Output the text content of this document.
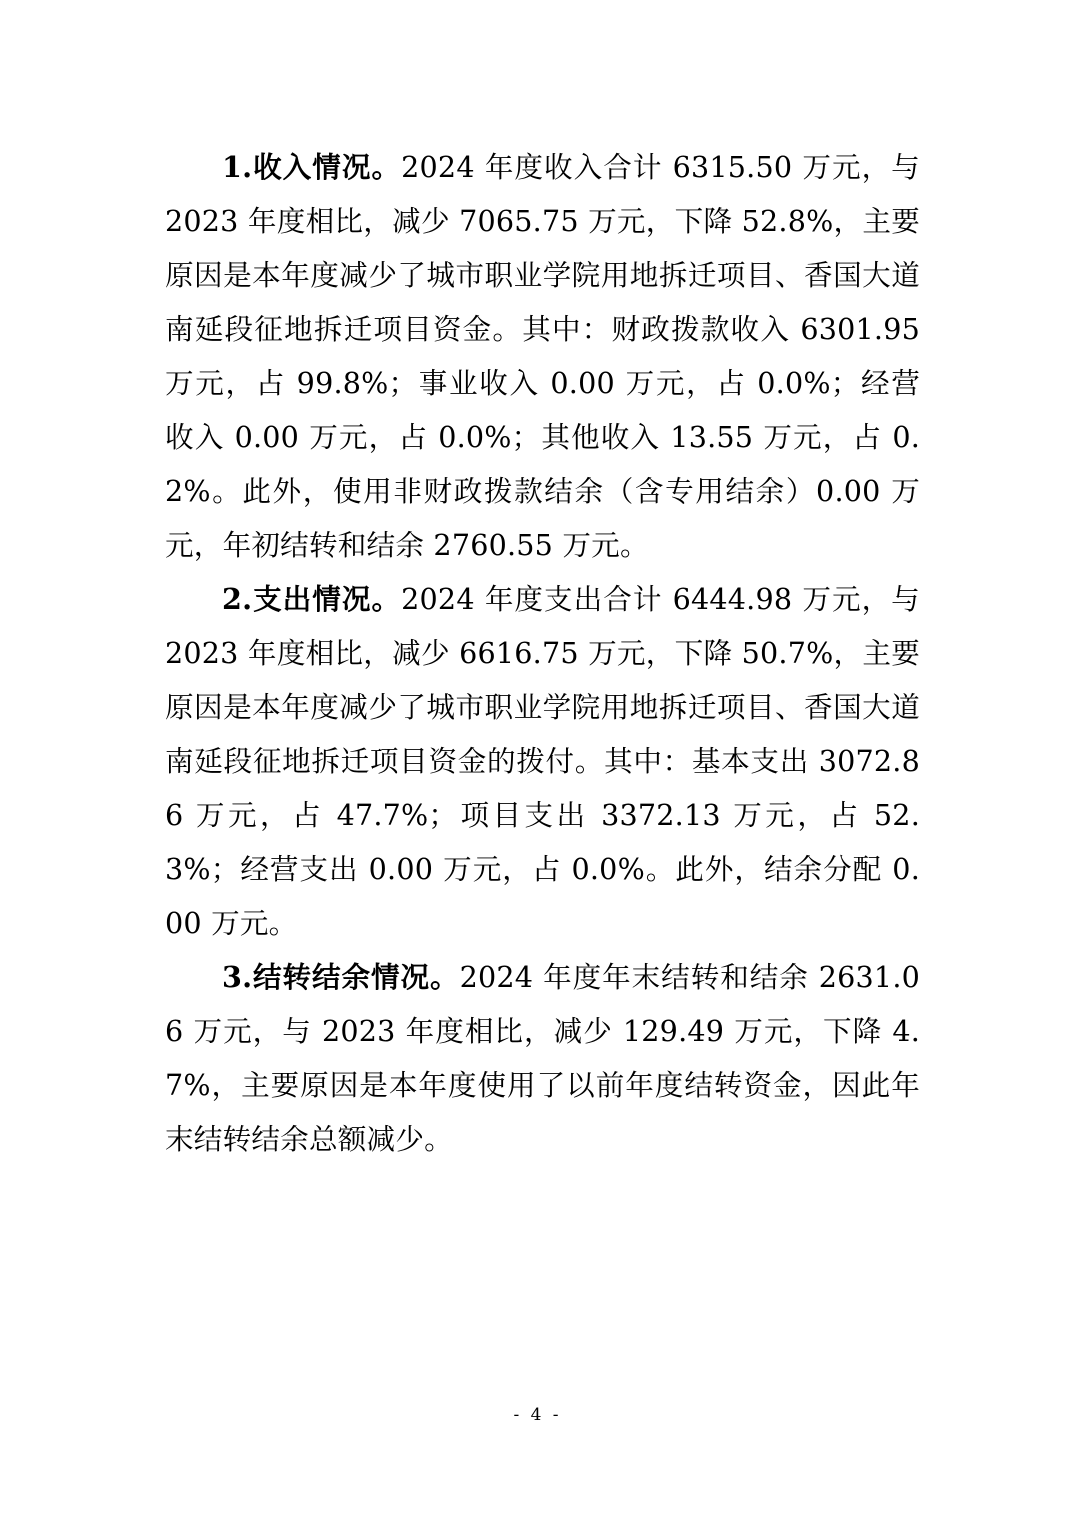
1.收入情况。2024 年度收入合计 6315.50 万元，与 2023 年度相比，减少 7065.75 万元，下降 52.8%，主要原因是本年度减少了城市职业学院用地拆迁项目、香国大道南延段征地拆迁项目资金。其中：财政拨款收入 6301.95 万元，占 99.8%；事业收入 0.00 万元，占 0.0%；经营收入 0.00 万元，占 0.0%；其他收入 13.55 万元，占 0.2%。此外，使用非财政拨款结余（含专用结余）0.00 万元，年初结转和结余 2760.55 万元。

2.支出情况。2024 年度支出合计 6444.98 万元，与 2023 年度相比，减少 6616.75 万元，下降 50.7%，主要原因是本年度减少了城市职业学院用地拆迁项目、香国大道南延段征地拆迁项目资金的拨付。其中：基本支出 3072.86 万元，占 47.7%；项目支出 3372.13 万元，占 52.3%；经营支出 0.00 万元，占 0.0%。此外，结余分配 0.00 万元。

3.结转结余情况。2024 年度年末结转和结余 2631.06 万元，与 2023 年度相比，减少 129.49 万元，下降 4.7%，主要原因是本年度使用了以前年度结转资金，因此年末结转结余总额减少。

- 4 -
